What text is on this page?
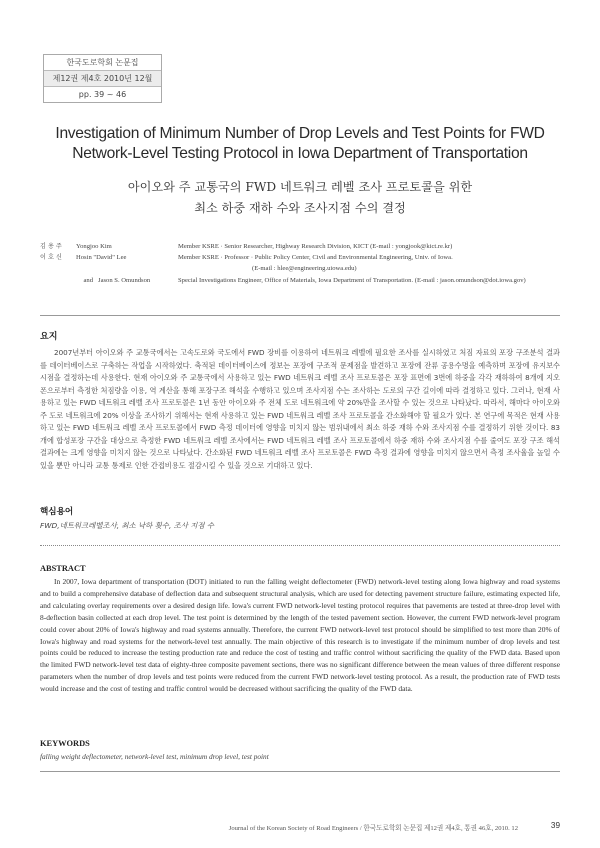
한국도로학회 논문집
제12권 제4호 2010년 12월
pp. 39 ~ 46
Investigation of Minimum Number of Drop Levels and Test Points for FWD
Network-Level Testing Protocol in Iowa Department of Transportation
아이오와 주 교통국의 FWD 네트워크 레벨 조사 프로토콜을 위한
최소 하중 재하 수와 조사지점 수의 결정
김 용 주 Yongjoo Kim	Member KSRE · Senior Researcher, Highway Research Division, KICT (E-mail : yongjook@kict.re.kr)
이 호 신 Hosin "David" Lee	Member KSRE · Professor · Public Policy Center, Civil and Environmental Engineering, Univ. of Iowa.
(E-mail : hlee@engineering.uiowa.edu)
and Jason S. Omundson	Special Investigations Engineer, Office of Materials, Iowa Department of Transportation. (E-mail : jason.omundson@dot.iowa.gov)
요지

2007년부터 아이오와 주 교통국에서는 고속도로와 국도에서 FWD 장비를 이용하여 네트워크 레벨에 필요한 조사를 실시하였고 처짐 자료의 포장 구조분석 결과를 데이터베이스로 구축하는 작업을 시작하였다. 축적된 데이터베이스에 정보는 포장에 구조적 문제점을 발견하고 포장에 잔류 공용수명을 예측하며 포장에 유지보수 시점을 결정하는데 사용한다. 현재 아이오와 주 교통국에서 사용하고 있는 FWD 네트워크 레벨 조사 프로토콜은 포장 표면에 3번에 하중을 각각 재하하여 8개에 지오폰으로부터 측정한 처짐량을 이용, 역 계산을 통해 포장구조 해석을 수행하고 있으며 조사지점 수는 조사하는 도로의 구간 길이에 따라 결정하고 있다. 그러나, 현재 사용하고 있는 FWD 네트워크 레벨 조사 프로토콜은 1년 동안 아이오와 주 전체 도로 네트워크에 약 20%만을 조사할 수 있는 것으로 나타났다. 따라서, 해마다 아이오와 주 도로 네트워크에 20% 이상을 조사하기 위해서는 현재 사용하고 있는 FWD 네트워크 레벨 조사 프로토콜을 간소화해야 할 필요가 있다. 본 연구에 목적은 현재 사용하고 있는 FWD 네트워크 레벨 조사 프로토콜에서 FWD 측정 데이터에 영향을 미치지 않는 범위내에서 최소 하중 재하 수와 조사지점 수를 결정하기 위한 것이다. 83개에 합성포장 구간을 대상으로 측정한 FWD 네트워크 레벨 조사에서는 FWD 네트워크 레벨 조사 프로토콜에서 하중 재하 수와 조사지점 수를 줄여도 포장 구조 해석 결과에는 크게 영향을 미치지 않는 것으로 나타났다. 간소화된 FWD 네트워크 레벨 조사 프로토콜은 FWD 측정 결과에 영향을 미치지 않으면서 측정 조사율을 높일 수 있을 뿐만 아니라 교통 통제로 인한 간접비용도 절감시킬 수 있을 것으로 기대하고 있다.

핵심용어
FWD,네트워크레벨조사, 최소 낙하 횟수, 조사 지점 수
ABSTRACT

In 2007, Iowa department of transportation (DOT) initiated to run the falling weight deflectometer (FWD) network-level testing along Iowa highway and road systems and to build a comprehensive database of deflection data and subsequent structural analysis, which are used for detecting pavement structure failure, estimating expected life, and calculating overlay requirements over a desired design life. Iowa's current FWD network-level testing protocol requires that pavements are tested at three-drop level with 8-deflection basin collected at each drop level. The test point is determined by the length of the tested pavement section. However, the current FWD network-level program could cover about 20% of Iowa's highway and road systems annually. Therefore, the current FWD network-level test protocol should be simplified to test more than 20% of Iowa's highway and road systems for the network-level test annually. The main objective of this research is to investigate if the minimum number of drop levels and test points could be reduced to increase the testing production rate and reduce the cost of testing and traffic control without sacrificing the quality of the FWD data. Based upon the limited FWD network-level test data of eighty-three composite pavement sections, there was no significant difference between the mean values of three different response parameters when the number of drop levels and test points were reduced from the current FWD network-level testing protocol. As a result, the production rate of FWD tests would increase and the cost of testing and traffic control would be decreased without sacrificing the quality of the FWD data.

KEYWORDS
falling weight deflectometer, network-level test, minimum drop level, test point
Journal of the Korean Society of Road Engineers / 한국도로학회 논문집 제12권 제4호, 통권 46호, 2010. 12	39
